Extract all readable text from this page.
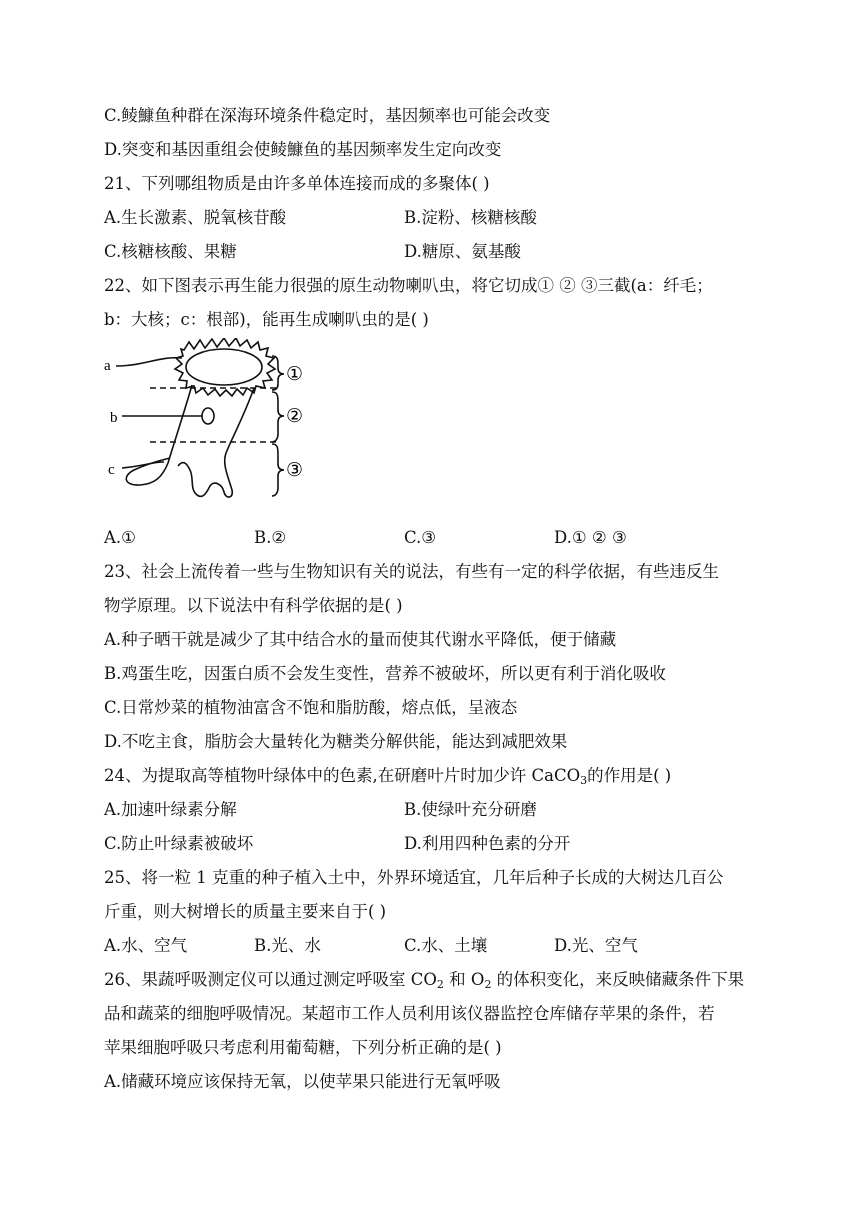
C.鲮鱇鱼种群在深海环境条件稳定时，基因频率也可能会改变
D.突变和基因重组会使鲮鱇鱼的基因频率发生定向改变
21、下列哪组物质是由许多单体连接而成的多聚体( )
A.生长激素、脱氧核苷酸	B.淀粉、核糖核酸
C.核糖核酸、果糖	D.糖原、氨基酸
22、如下图表示再生能力很强的原生动物喇叭虫，将它切成① ② ③三截(a：纤毛；
b：大核；c：根部)，能再生成喇叭虫的是( )
a
b
c
①
②
③
A.①	B.②	C.③	D.① ② ③
23、社会上流传着一些与生物知识有关的说法，有些有一定的科学依据，有些违反生
物学原理。以下说法中有科学依据的是( )
A.种子晒干就是减少了其中结合水的量而使其代谢水平降低，便于储藏
B.鸡蛋生吃，因蛋白质不会发生变性，营养不被破坏，所以更有利于消化吸收
C.日常炒菜的植物油富含不饱和脂肪酸，熔点低，呈液态
D.不吃主食，脂肪会大量转化为糖类分解供能，能达到减肥效果
24、为提取高等植物叶绿体中的色素,在研磨叶片时加少许 CaCO$_3$的作用是( )
A.加速叶绿素分解	B.使绿叶充分研磨
C.防止叶绿素被破坏	D.利用四种色素的分开
25、将一粒 1 克重的种子植入土中，外界环境适宜，几年后种子长成的大树达几百公
斤重，则大树增长的质量主要来自于( )
A.水、空气	B.光、水	C.水、土壤	D.光、空气
26、果蔬呼吸测定仪可以通过测定呼吸室 $CO_2$ 和 $O_2$ 的体积变化，来反映储藏条件下果
品和蔬菜的细胞呼吸情况。某超市工作人员利用该仪器监控仓库储存苹果的条件，若
苹果细胞呼吸只考虑利用葡萄糖，下列分析正确的是( )
A.储藏环境应该保持无氧，以使苹果只能进行无氧呼吸
